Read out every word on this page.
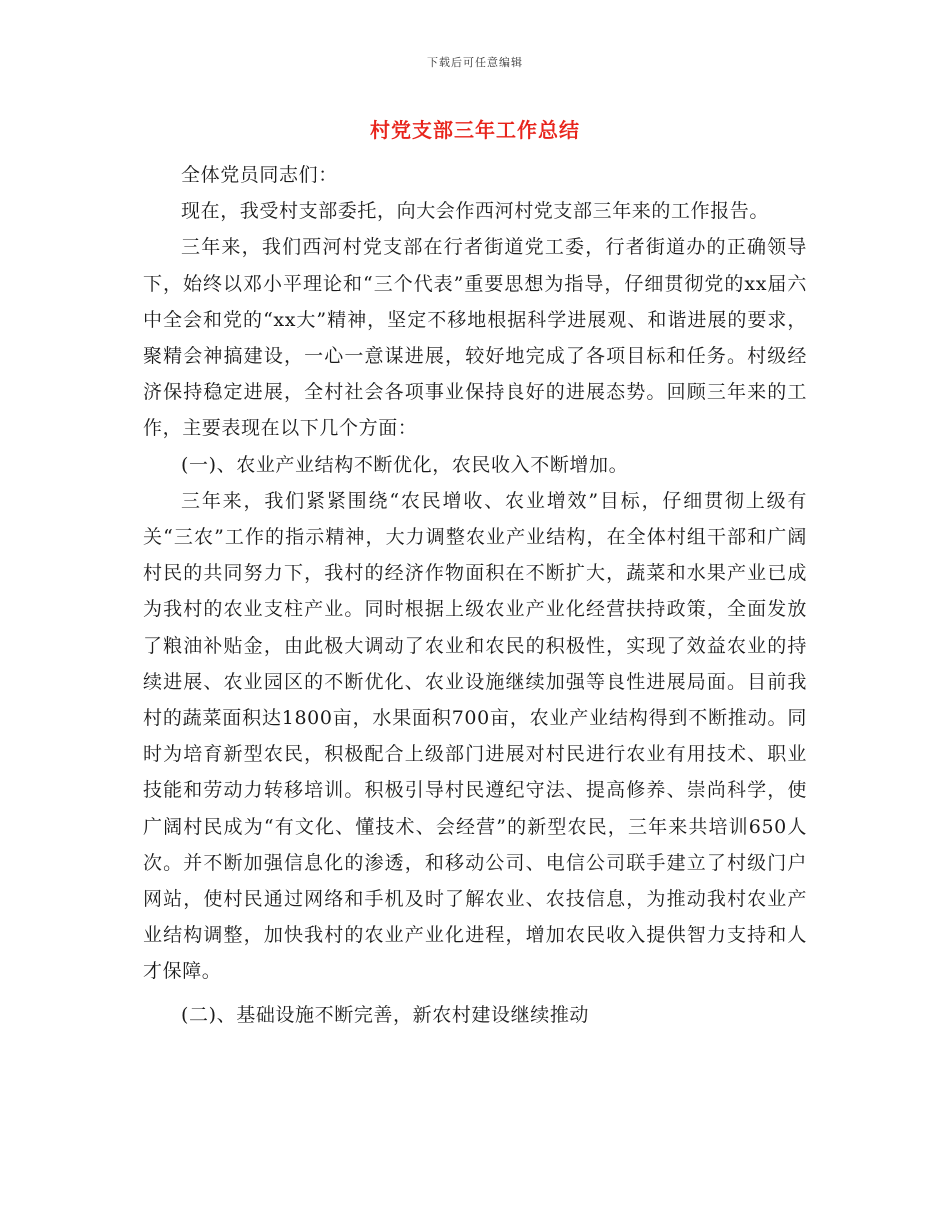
下载后可任意编辑
村党支部三年工作总结

全体党员同志们：

现在，我受村支部委托，向大会作西河村党支部三年来的工作报告。

三年来，我们西河村党支部在行者街道党工委，行者街道办的正确领导下，始终以邓小平理论和“三个代表”重要思想为指导，仔细贯彻党的xx届六中全会和党的“xx大”精神，坚定不移地根据科学进展观、和谐进展的要求，聚精会神搞建设，一心一意谋进展，较好地完成了各项目标和任务。村级经济保持稳定进展，全村社会各项事业保持良好的进展态势。回顾三年来的工作，主要表现在以下几个方面：

(一)、农业产业结构不断优化，农民收入不断增加。

三年来，我们紧紧围绕“农民增收、农业增效”目标，仔细贯彻上级有关“三农”工作的指示精神，大力调整农业产业结构，在全体村组干部和广阔村民的共同努力下，我村的经济作物面积在不断扩大，蔬菜和水果产业已成为我村的农业支柱产业。同时根据上级农业产业化经营扶持政策，全面发放了粮油补贴金，由此极大调动了农业和农民的积极性，实现了效益农业的持续进展、农业园区的不断优化、农业设施继续加强等良性进展局面。目前我村的蔬菜面积达1800亩，水果面积700亩，农业产业结构得到不断推动。同时为培育新型农民，积极配合上级部门进展对村民进行农业有用技术、职业技能和劳动力转移培训。积极引导村民遵纪守法、提高修养、崇尚科学，使广阔村民成为“有文化、懂技术、会经营”的新型农民，三年来共培训650人次。并不断加强信息化的渗透，和移动公司、电信公司联手建立了村级门户网站，使村民通过网络和手机及时了解农业、农技信息，为推动我村农业产业结构调整，加快我村的农业产业化进程，增加农民收入提供智力支持和人才保障。

(二)、基础设施不断完善，新农村建设继续推动
